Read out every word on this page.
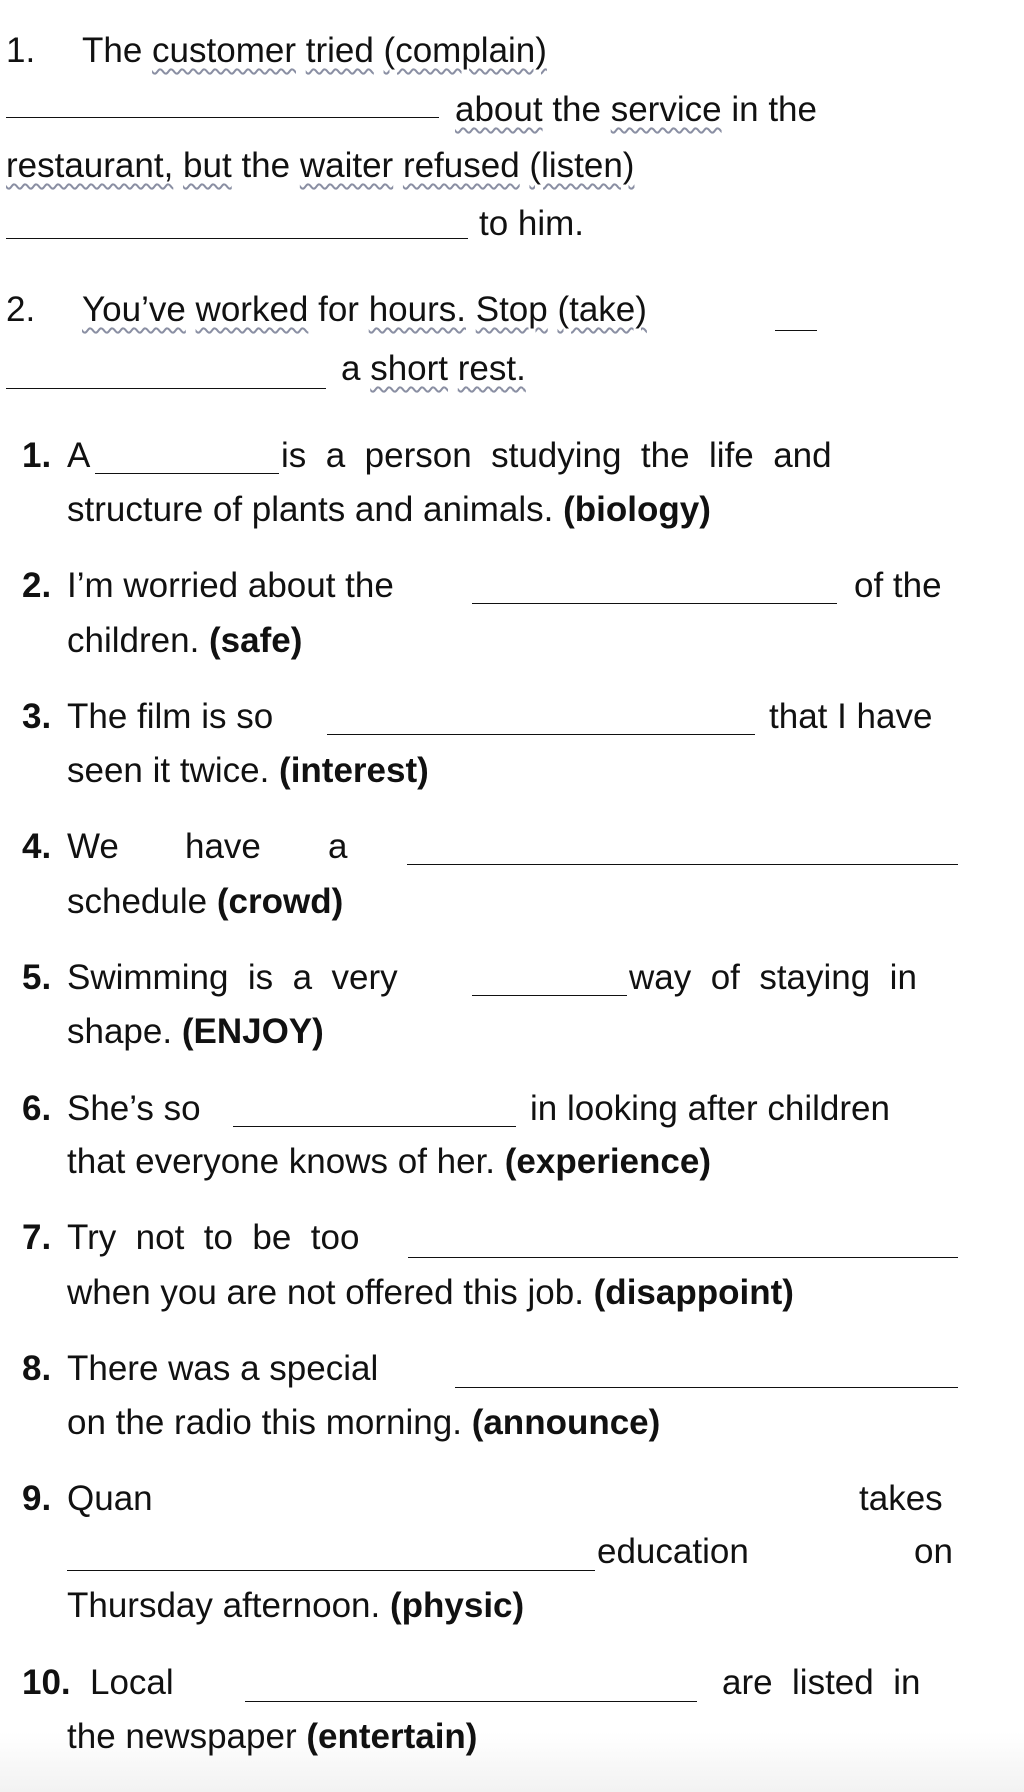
1. The customer tried (complain)
about the service in the
restaurant, but the waiter refused (listen)
to him.
2. You’ve worked for hours. Stop (take)
a short rest.
1. A	is  a  person  studying  the  life  and
structure of plants and animals. (biology)
2. I’m worried about the	of the
children. (safe)
3. The film is so	that I have
seen it twice. (interest)
4. We have a
schedule (crowd)
5. Swimming  is  a  very	way  of  staying  in
shape. (ENJOY)
6. She’s so	in looking after children
that everyone knows of her. (experience)
7. Try  not  to  be  too
when you are not offered this job. (disappoint)
8. There was a special
on the radio this morning. (announce)
9. Quan	takes
education	on
Thursday afternoon. (physic)
10. Local	are  listed  in
the newspaper (entertain)
